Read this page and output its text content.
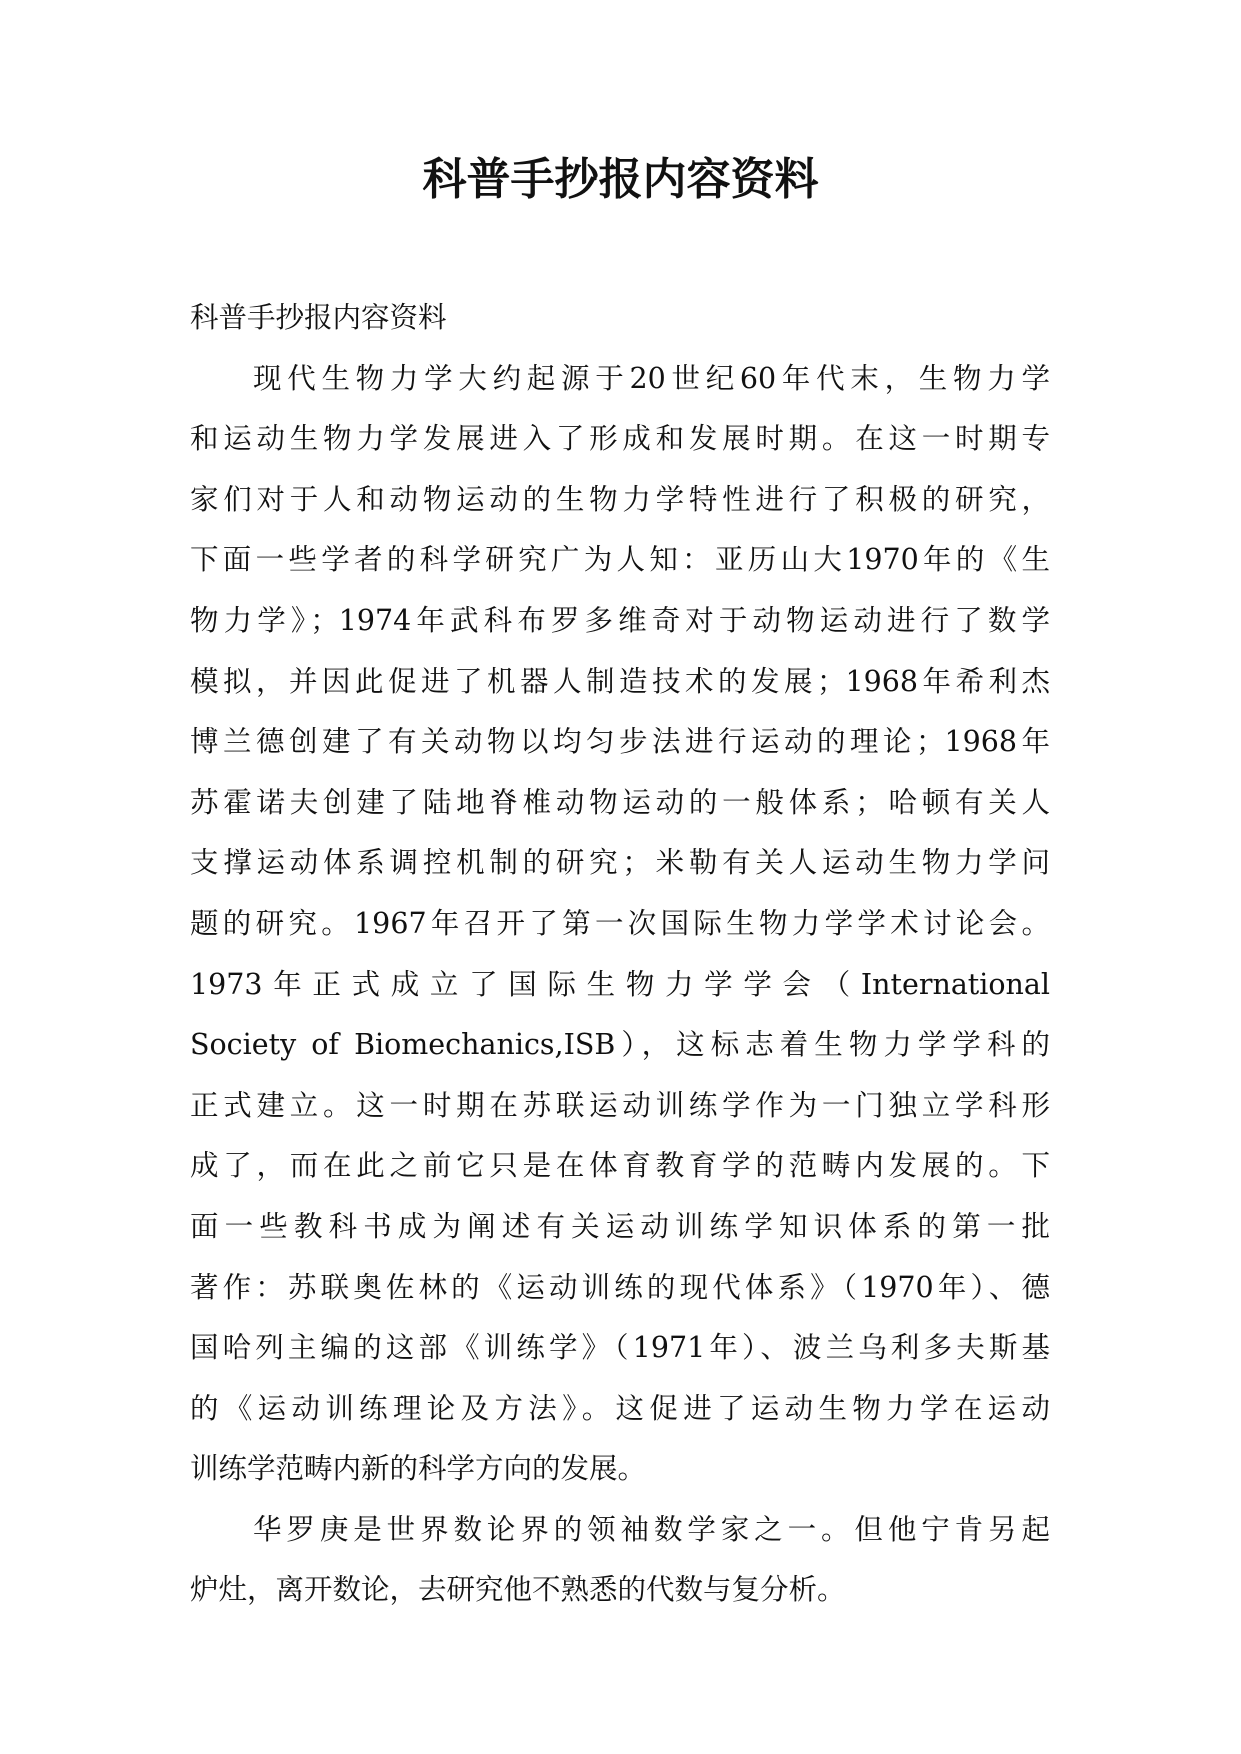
科普手抄报内容资料
科普手抄报内容资料
现代生物力学大约起源于20世纪60年代末，生物力学
和运动生物力学发展进入了形成和发展时期。在这一时期专
家们对于人和动物运动的生物力学特性进行了积极的研究，
下面一些学者的科学研究广为人知：亚历山大1970年的《生
物力学》；1974年武科布罗多维奇对于动物运动进行了数学
模拟，并因此促进了机器人制造技术的发展；1968年希利杰
博兰德创建了有关动物以均匀步法进行运动的理论；1968年
苏霍诺夫创建了陆地脊椎动物运动的一般体系；哈顿有关人
支撑运动体系调控机制的研究；米勒有关人运动生物力学问
题的研究。1967年召开了第一次国际生物力学学术讨论会。
1973年正式成立了国际生物力学学会（International
Society of Biomechanics,ISB），这标志着生物力学学科的
正式建立。这一时期在苏联运动训练学作为一门独立学科形
成了，而在此之前它只是在体育教育学的范畴内发展的。下
面一些教科书成为阐述有关运动训练学知识体系的第一批
著作：苏联奥佐林的《运动训练的现代体系》（1970年）、德
国哈列主编的这部《训练学》（1971年）、波兰乌利多夫斯基
的《运动训练理论及方法》。这促进了运动生物力学在运动
训练学范畴内新的科学方向的发展。
华罗庚是世界数论界的领袖数学家之一。但他宁肯另起
炉灶，离开数论，去研究他不熟悉的代数与复分析。
